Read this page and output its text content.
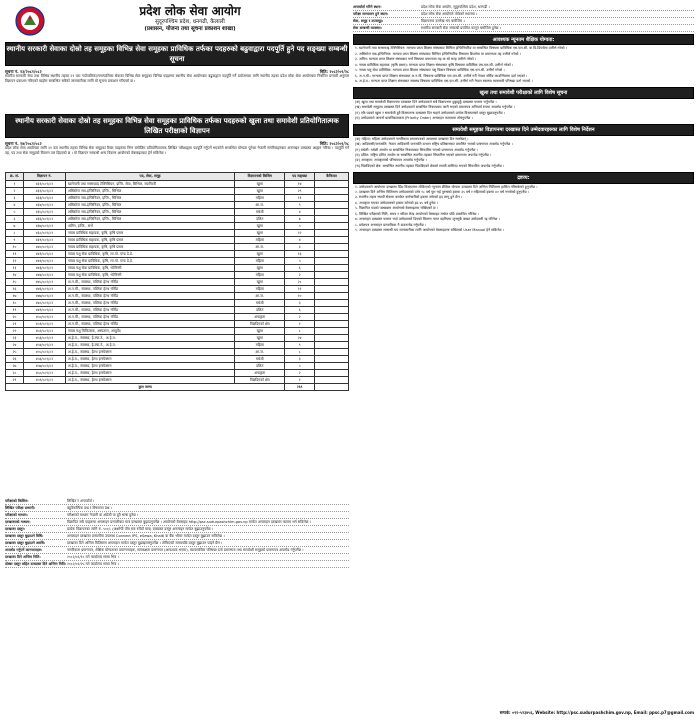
प्रदेश लोक सेवा आयोग
सुदूरपश्चिम प्रदेश, धनगढी, कैलाली
(प्रशासन, योजना तथा सूचना प्रकाशन शाखा)
स्थानीय सरकारी सेवाका दोस्रो तह समूहका विभिन्न सेवा समूहका प्राविधिक तर्फका पदहरुको बढुवाद्वारा पदपूर्ति हुने पद सङ्ख्या सम्बन्धी सूचना
सूचना नं. २३/२०८१/०८२	मिति: २०८२/०१/२८
स्थानीय सरकारी सेवा तथा विभिन्न स्थानीय तहका २१ वटा गाउँपालिका/नगरपालिका सेवाका विभिन्न सेवा समूहका विभिन्न पदहरुमा स्थानीय सेवा आयोगबाट बढुवाद्वारा पदपूर्ति गर्ने प्रयोजनका लागि स्थानीय तहका प्रदेश लोक सेवा आयोगबाट निर्धारित प्रणाली अनुसार विज्ञापन प्रकाशन गरिएको व्यहोरा सम्बन्धित सबैको जानकारीका लागि यो सूचना प्रकाशन गरिएको छ ।
स्थानीय सरकारी सेवाका दोस्रो तह समूहका विभिन्न सेवा समूहका प्राविधिक तर्फका पदहरुको खुला तथा समावेशी प्रतियोगितात्मक लिखित परीक्षाको विज्ञापन
सूचना नं. २४/२०८१/०८२	मिति: २०८२/०१/२८
प्रदेश लोक सेवा आयोगका लागि २१ वटा स्थानीय तहका विभिन्न सेवा समूहका रिक्त पदहरुमा निम्न बमोजिम प्रतियोगितात्मक लिखित परीक्षाद्वारा पदपूर्ति गर्नुपर्ने भएकोले सम्बन्धित योग्यता पुगेका नेपाली नागरिकहरुबाट अनलाइन दरखास्त आह्वान गरिन्छ । पदपूर्ति गर्ने तह, पद तथा सेवा समूहको विवरण तल दिइएको छ । यो विज्ञापन सम्बन्धी अन्य विवरण आयोगको वेबसाइटबाट हेर्न सकिनेछ ।
क्र. सं.	विज्ञापन नं.	पद, सेवा, समूह	विज्ञापनको किसिम	पद सङ्ख्या	कैफियत
१	४३१/०८१/८२	खानेपानी तथा सरसफाइ टेक्निसियन, इन्जि. सेवा, सिभिल, स्यानिटरी	खुला	१४	
२	४३२/०८१/८२	असिस्टेन्ट सब-इन्जिनियर, इन्जि., सिभिल	खुला	२९	
३	४३३/०८१/८२	असिस्टेन्ट सब-इन्जिनियर, इन्जि., सिभिल	महिला	११	
४	४३४/०८१/८२	असिस्टेन्ट सब-इन्जिनियर, इन्जि., सिभिल	आ.ज.	९	
५	४३५/०८१/८२	असिस्टेन्ट सब-इन्जिनियर, इन्जि., सिभिल	मधेशी	४	
६	४३६/०८१/८२	असिस्टेन्ट सब-इन्जिनियर, इन्जि., सिभिल	दलित	७	
७	४३७/०८१/८२	अमिन, इन्जि., सर्भे	खुला	५	
८	४३८/०८१/८२	नायब प्राविधिक सहायक, कृषि, कृषि प्रसार	खुला	१२	
९	४३९/०८१/८२	नायब प्राविधिक सहायक, कृषि, कृषि प्रसार	महिला	४	
१०	४४०/०८१/८२	नायब प्राविधिक सहायक, कृषि, कृषि प्रसार	आ.ज.	३	
११	४४१/०८१/८२	नायब पशु सेवा प्राविधिक, कृषि, ला.पो. एण्ड डे.डे.	खुला	१३	
१२	४४२/०८१/८२	नायब पशु सेवा प्राविधिक, कृषि, ला.पो. एण्ड डे.डे.	महिला	५	
१३	४४३/०८१/८२	नायब पशु सेवा प्राविधिक, कृषि, भेटेरिनरी	खुला	६	
१४	४४४/०८१/८२	नायब पशु सेवा प्राविधिक, कृषि, भेटेरिनरी	महिला	२	
१५	४४५/०८१/८२	अ.न.मी., स्वास्थ्य, पब्लिक हेल्थ नर्सिङ	खुला	२८	
१६	४४६/०८१/८२	अ.न.मी., स्वास्थ्य, पब्लिक हेल्थ नर्सिङ	महिला	११	
१७	४४७/०८१/८२	अ.न.मी., स्वास्थ्य, पब्लिक हेल्थ नर्सिङ	आ.ज.	१०	
१८	४४८/०८१/८२	अ.न.मी., स्वास्थ्य, पब्लिक हेल्थ नर्सिङ	मधेशी	३	
१९	४४९/०८१/८२	अ.न.मी., स्वास्थ्य, पब्लिक हेल्थ नर्सिङ	दलित	६	
२०	४५०/०८१/८२	अ.न.मी., स्वास्थ्य, पब्लिक हेल्थ नर्सिङ	अपाङ्गता	२	
२१	४५१/०८१/८२	अ.न.मी., स्वास्थ्य, पब्लिक हेल्थ नर्सिङ	पिछडिएको क्षेत्र	१	
२२	४५२/०८१/८२	नायब पशु चिकित्सक, अस्पताल, आयुर्वेद	खुला	८	
२३	४५३/०८१/८२	अ.हे.व., स्वास्थ्य, हे.ल्या.टे., अ.हे.व.	खुला	२४	
२४	४५४/०८१/८२	अ.हे.व., स्वास्थ्य, हे.ल्या.टे., अ.हे.व.	महिला	९	
२५	४५५/०८१/८२	अ.हे.व., स्वास्थ्य, हेल्थ इन्स्पेक्सन	आ.ज.	८	
२६	४५६/०८१/८२	अ.हे.व., स्वास्थ्य, हेल्थ इन्स्पेक्सन	मधेशी	३	
२७	४५७/०८१/८२	अ.हे.व., स्वास्थ्य, हेल्थ इन्स्पेक्सन	दलित	५	
२८	४५८/०८१/८२	अ.हे.व., स्वास्थ्य, हेल्थ इन्स्पेक्सन	अपाङ्गता	२	
२९	४५९/०८१/८२	अ.हे.व., स्वास्थ्य, हेल्थ इन्स्पेक्सन	पिछडिएको क्षेत्र	१	
कुल जम्मा				२६९	
परीक्षाको किसिम:	लिखित र अन्तर्वार्ता ।
लिखित परीक्षा प्रणाली:	बहुवैकल्पिक प्रश्न र विषयगत प्रश्न ।
परीक्षाको माध्यम:	परीक्षाको माध्यम नेपाली वा अंग्रेजी वा दुवै भाषा हुनेछ ।
दरखास्तको माध्यम:	विज्ञापित सबै पदहरुमा अनलाइन प्रणालीबाट मात्र दरखास्त बुझाउनुपर्नेछ । आयोगको वेबसाइट http://psc.sudurpashchim.gov.np मार्फत अनलाइन दरखास्त फाराम भर्न सकिनेछ ।
दरखास्त दस्तुर:	प्रत्येक विज्ञापनका लागि रु. ५००/- (अक्षरेपी पाँच सय रुपैयाँ मात्र) दरखास्त दस्तुर अनलाइन मार्फत बुझाउनुपर्नेछ ।
दरखास्त दस्तुर बुझाउने विधि:	अनलाइन दरखास्त प्रणालीमा उपलब्ध Connect IPS, eSewa, Khalti वा बैंक भौचर मार्फत दस्तुर बुझाउन सकिनेछ ।
दरखास्त दस्तुर बुझाउने अवधि:	दरखास्त दिने अन्तिम मितिसम्म अनलाइन मार्फत दस्तुर बुझाइसक्नुपर्नेछ । तोकिएको समयपछि दस्तुर बुझाउन पाइने छैन ।
अपलोड गर्नुपर्ने कागजातहरु:	नागरिकता प्रमाणपत्र, शैक्षिक योग्यताका प्रमाणपत्रहरु, समकक्षता प्रमाणपत्र (आवश्यक भएमा), व्यावसायिक परिषद्मा दर्ता प्रमाणपत्र तथा समावेशी समूहको प्रमाणपत्र अपलोड गर्नुपर्नेछ ।
दरखास्त दिने अन्तिम मिति:	२०८२/०२/१८ गते कार्यालय समय भित्र ।
दोब्बर दस्तुर सहित दरखास्त दिने अन्तिम मिति: २०८२/०२/२५ गते कार्यालय समय भित्र ।
अन्तर्वार्ता गरिने स्थान:	प्रदेश लोक सेवा आयोग, सुदूरपश्चिम प्रदेश, धनगढी ।
परीक्षा सञ्चालन हुने स्थान:	प्रदेश लोक सेवा आयोगले तोकेको स्थानमा ।
सेवा, समूह र उपसमूह:	विज्ञापनमा उल्लेख भए बमोजिम ।
सेवा सम्बन्धी व्यवस्था:	स्थानीय सरकारी सेवा सम्बन्धी प्रचलित कानून बमोजिम हुनेछ ।
आवश्यक न्यूनतम शैक्षिक योग्यता:

१. खानेपानी तथा सरसफाइ टेक्निसियन: मान्यता प्राप्त शिक्षण संस्थाबाट सिभिल इन्जिनियरिङ वा सम्बन्धित विषयमा प्राविधिक एस.एल.सी. वा प्रि-डिप्लोमा उत्तीर्ण गरेको ।

२. असिस्टेन्ट सब-इन्जिनियर: मान्यता प्राप्त शिक्षण संस्थाबाट सिभिल इन्जिनियरिङ विषयमा डिप्लोमा वा प्रमाणपत्र तह उत्तीर्ण गरेको ।

३. अमिन: मान्यता प्राप्त शिक्षण संस्थाबाट सर्भे विषयमा प्रमाणपत्र तह वा सो सरह उत्तीर्ण गरेको ।

४. नायब प्राविधिक सहायक (कृषि प्रसार): मान्यता प्राप्त शिक्षण संस्थाबाट कृषि विषयमा प्राविधिक एस.एल.सी. उत्तीर्ण गरेको ।

५. नायब पशु सेवा प्राविधिक: मान्यता प्राप्त शिक्षण संस्थाबाट पशु विज्ञान विषयमा प्राविधिक एस.एल.सी. उत्तीर्ण गरेको ।

६. अ.न.मी.: मान्यता प्राप्त शिक्षण संस्थाबाट अ.न.मी. विषयमा प्राविधिक एस.एल.सी. उत्तीर्ण गरी नेपाल नर्सिङ काउन्सिलमा दर्ता भएको ।

७. अ.हे.व.: मान्यता प्राप्त शिक्षण संस्थाबाट स्वास्थ्य विषयमा प्राविधिक एस.एल.सी. उत्तीर्ण गरी नेपाल स्वास्थ्य व्यवसायी परिषद्मा दर्ता भएको ।

खुला तथा समावेशी परीक्षाको लागि विशेष सूचना

(क) खुला तथा समावेशी विज्ञापनमा दरखास्त दिने उम्मेदवारले सबै विज्ञापनमा छुट्टाछुट्टै दरखास्त फाराम भर्नुपर्नेछ ।

(ख) समावेशी समूहमा दरखास्त दिने उम्मेदवारले सम्बन्धित निकायबाट जारी भएको प्रमाणपत्र अनिवार्य रुपमा अपलोड गर्नुपर्नेछ ।

(ग) एकै पदको खुला र समावेशी दुवै विज्ञापनमा दरखास्त दिन चाहने उम्मेदवारले प्रत्येक विज्ञापनको दस्तुर बुझाउनुपर्नेछ ।

(घ) उम्मेदवारले आफ्नो प्राथमिकताक्रम (Priority Order) अनलाइन फाराममा तोक्नुपर्नेछ ।

समावेशी समूहका विज्ञापनमा दरखास्त दिने उम्मेदवारहरुका लागि विशेष निर्देशन

(क) महिला: महिला उम्मेदवारले नागरिकता प्रमाणपत्रको आधारमा दरखास्त दिन सक्नेछन् ।

(ख) आदिवासी/जनजाति: नेपाल आदिवासी जनजाति उत्थान राष्ट्रिय प्रतिष्ठानबाट प्रमाणित भएको प्रमाणपत्र अपलोड गर्नुपर्नेछ ।

(ग) मधेशी: मधेशी आयोग वा सम्बन्धित निकायबाट सिफारिस भएको प्रमाणपत्र अपलोड गर्नुपर्नेछ ।

(घ) दलित: राष्ट्रिय दलित आयोग वा सम्बन्धित स्थानीय तहबाट सिफारिस भएको प्रमाणपत्र अपलोड गर्नुपर्नेछ ।

(ङ) अपाङ्गता: अपाङ्गताको परिचयपत्र अपलोड गर्नुपर्नेछ ।

(च) पिछडिएको क्षेत्र: सम्बन्धित स्थानीय तहबाट पिछडिएको क्षेत्रको स्थायी बासिन्दा भएको सिफारिस अपलोड गर्नुपर्नेछ ।

द्रष्टव्य:

१. उम्मेदवारले आयोगमा दरखास्त दिँदा विज्ञापनमा तोकिएको न्यूनतम शैक्षिक योग्यता दरखास्त दिने अन्तिम मितिसम्म हासिल गरिसकेको हुनुपर्नेछ ।

२. दरखास्त दिने अन्तिम मितिसम्म उम्मेदवारको उमेर १८ वर्ष पूरा भई पुरुषको हकमा ३५ वर्ष र महिलाको हकमा ४० वर्ष ननाघेको हुनुपर्नेछ ।

३. स्थानीय तहमा स्थायी सेवामा कार्यरत कर्मचारीको हकमा उमेरको हद लागू हुने छैन ।

४. अपाङ्गता भएका उम्मेदवारको हकमा उमेरको हद ४५ वर्ष हुनेछ ।

५. विज्ञापित पदको पाठ्यक्रम आयोगको वेबसाइटमा राखिएको छ ।

६. लिखित परीक्षाको मिति, समय र परीक्षा केन्द्र आयोगको वेबसाइट मार्फत पछि प्रकाशित गरिनेछ ।

७. अनलाइन दरखास्त फाराम भर्दा उम्मेदवारले दिएको विवरण गलत ठहरिएमा जुनसुकै बखत उम्मेदवारी रद्द गरिनेछ ।

८. प्रवेशपत्र अनलाइन प्रणालीबाट नै डाउनलोड गर्नुपर्नेछ ।

९. अनलाइन दरखास्त सम्बन्धी थप जानकारीका लागि आयोगको वेबसाइटमा राखिएको User Manual हेर्न सकिनेछ ।

सम्पर्क: ०९१-५२३४५६, Website: http://psc.sudurpashchim.gov.np, Email: ppsc.p7@gmail.com
